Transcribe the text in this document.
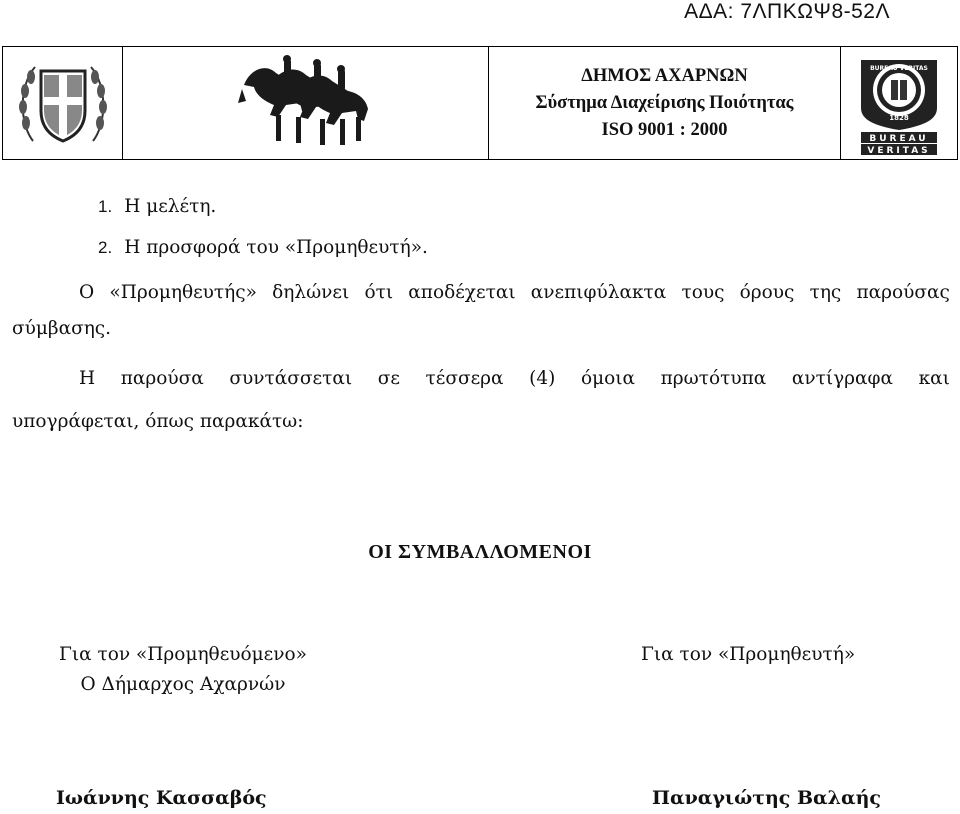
ΑΔΑ: 7ΛΠΚΩΨ8-52Λ
ΔΗΜΟΣ ΑΧΑΡΝΩΝ
Σύστημα Διαχείρισης Ποιότητας
ISO 9001 : 2000
BUREAU VERITAS
1828
BUREAU
VERITAS
1. Η μελέτη.
2. Η προσφορά του «Προμηθευτή».
Ο «Προμηθευτής» δηλώνει ότι αποδέχεται ανεπιφύλακτα τους όρους της παρούσας
σύμβασης.
Η παρούσα συντάσσεται σε τέσσερα (4) όμοια πρωτότυπα αντίγραφα και
υπογράφεται, όπως παρακάτω:
ΟΙ ΣΥΜΒΑΛΛΟΜΕΝΟΙ
Για τον «Προμηθευόμενο»
Ο Δήμαρχος Αχαρνών
Για τον «Προμηθευτή»
Ιωάννης Κασσαβός	Παναγιώτης Βαλαής
